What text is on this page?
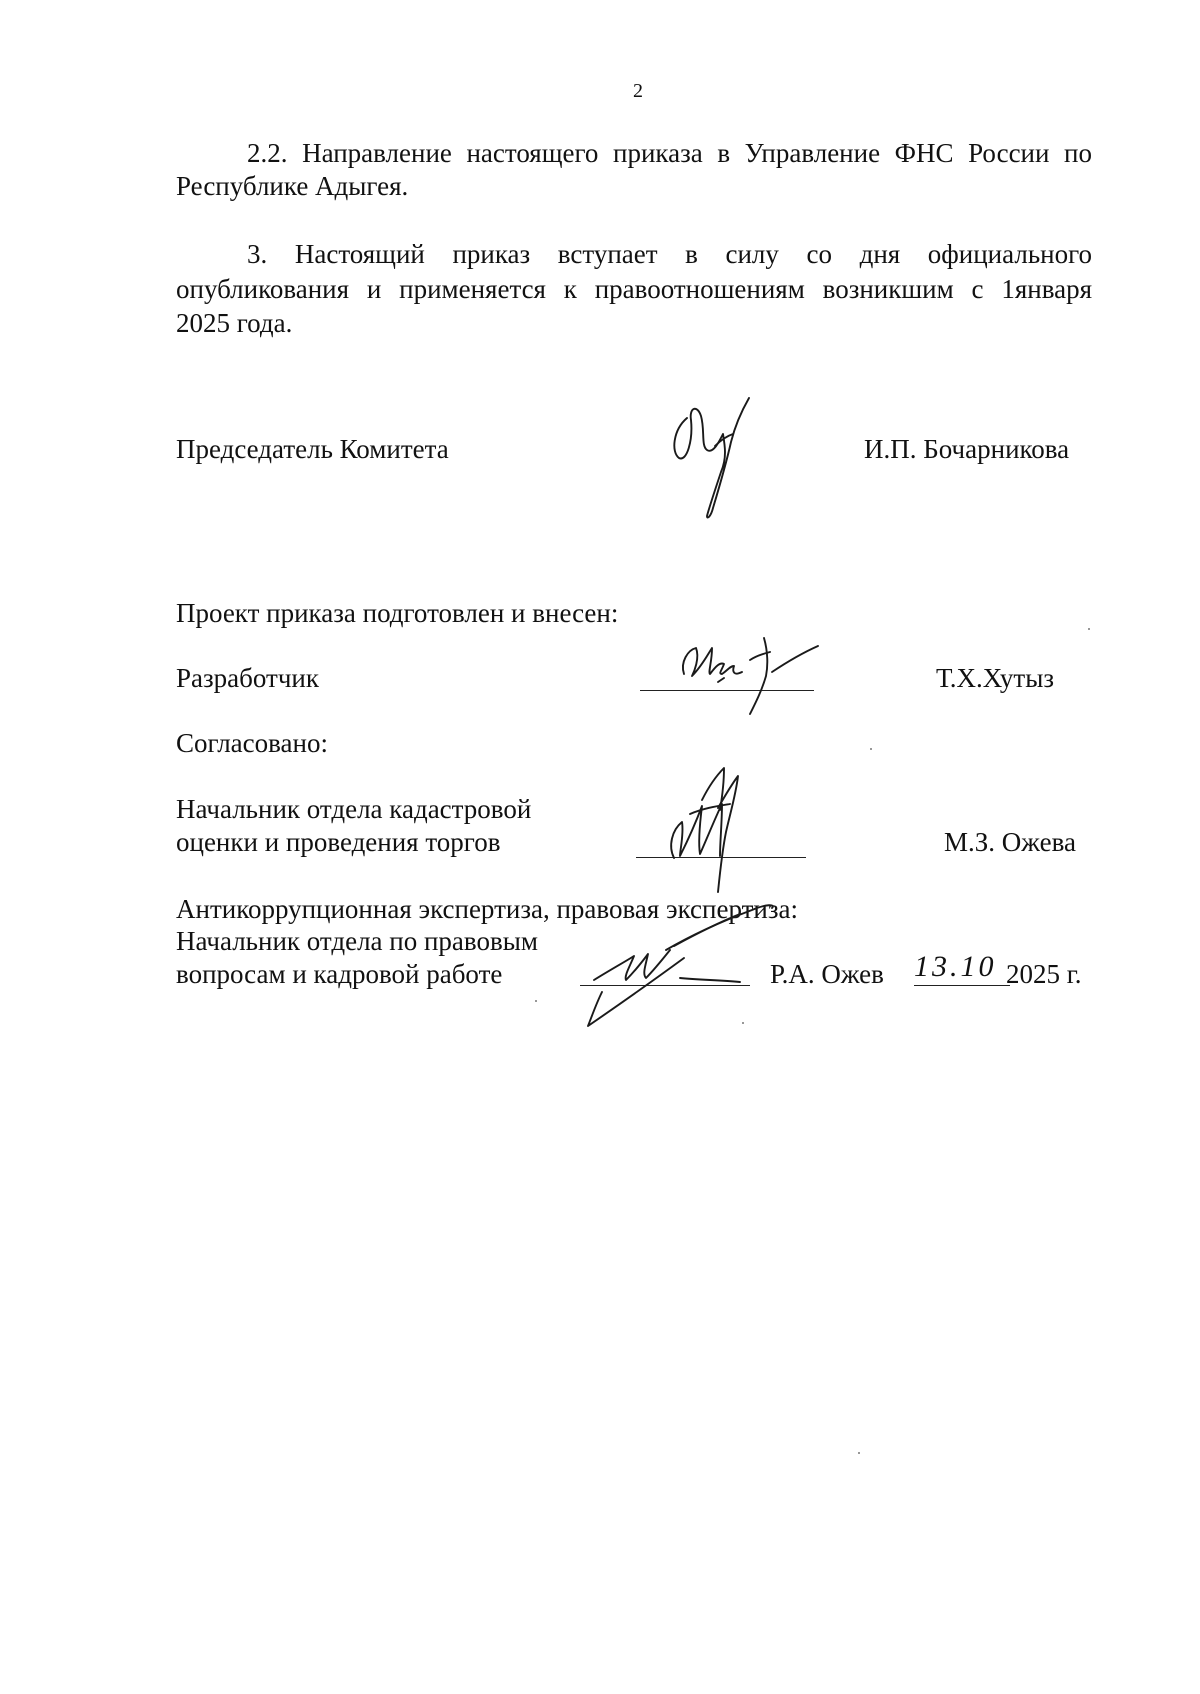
2
2.2. Направление настоящего приказа в Управление ФНС России по
Республике Адыгея.
3. Настоящий приказ вступает в силу со дня официального
опубликования и применяется к правоотношениям возникшим с 1января
2025 года.
Председатель Комитета	И.П. Бочарникова
Проект приказа подготовлен и внесен:
Разработчик	Т.Х.Хутыз
Согласовано:
Начальник отдела кадастровой
оценки и проведения торгов	М.З. Ожева
Антикоррупционная экспертиза, правовая экспертиза:
Начальник отдела по правовым
вопросам и кадровой работе	Р.А. Ожев 13.10 2025 г.
